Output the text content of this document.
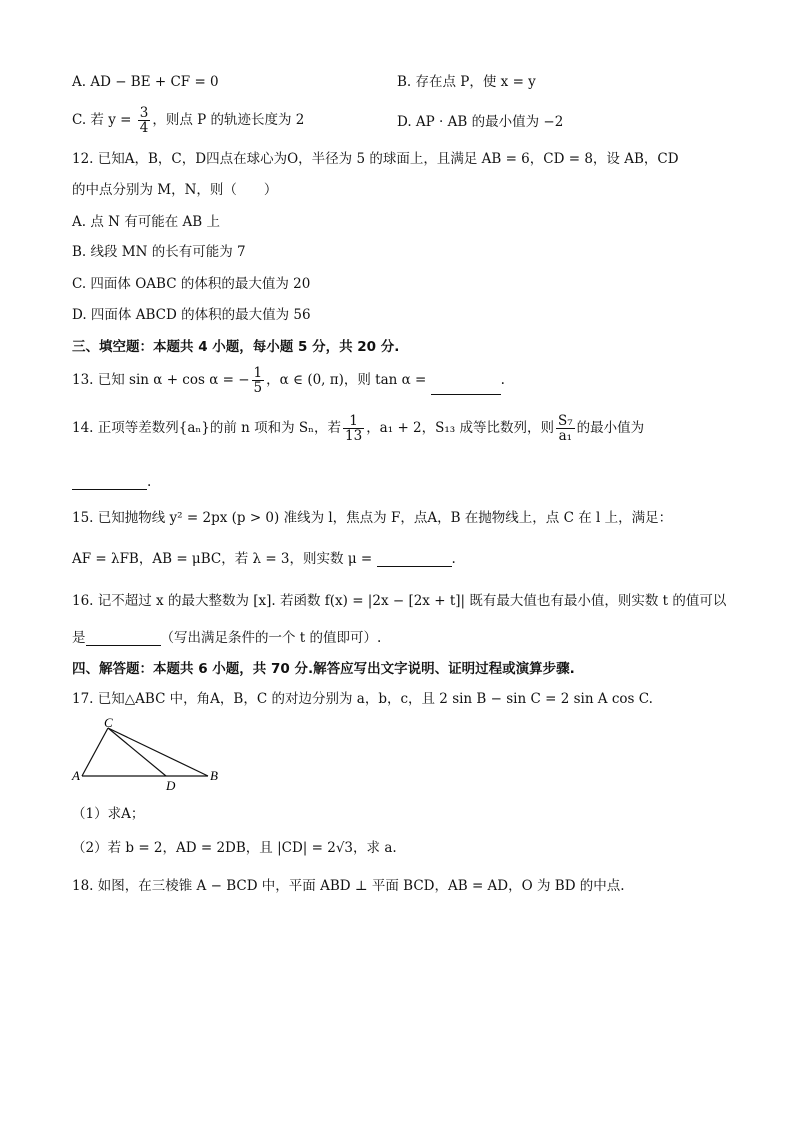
A. AD − BE + CF = 0	B. 存在点 P，使 x = y
C. 若 $y = \frac{3}{4}$ ，则点 P 的轨迹长度为 2	D. AP · AB 的最小值为 −2
12. 已知A，B，C，D四点在球心为O，半径为 5 的球面上，且满足 AB = 6，CD = 8，设 AB，CD
的中点分别为 M，N，则（　　）
A. 点 N 有可能在 AB 上
B. 线段 MN 的长有可能为 7
C. 四面体 OABC 的体积的最大值为 20
D. 四面体 ABCD 的体积的最大值为 56
三、填空题：本题共 4 小题，每小题 5 分，共 20 分.
13. 已知 sin α + cos α = − $\frac{1}{5}$ ，α ∈ (0, π)，则 tan α =	.
14. 正项等差数列{aₙ}的前 n 项和为 Sₙ，若 $\frac{1}{13}$ ，a₁ + 2，S₁₃ 成等比数列，则 $\frac{\text{S₇}}{\text{a₁}}$ 的最小值为
.
15. 已知抛物线 y² = 2px (p > 0) 准线为 l，焦点为 F，点A，B 在抛物线上，点 C 在 l 上，满足：
AF = λFB，AB = μBC，若 λ = 3，则实数 μ =	.
16. 记不超过 x 的最大整数为 [x]. 若函数 f(x) = |2x − [2x + t]| 既有最大值也有最小值，则实数 t 的值可以
是	（写出满足条件的一个 t 的值即可）.
四、解答题：本题共 6 小题，共 70 分.解答应写出文字说明、证明过程或演算步骤.
17. 已知△ABC 中，角A，B，C 的对边分别为 a，b，c，且 2 sin B − sin C = 2 sin A cos C.
C
A
D
B
（1）求A；
（2）若 b = 2，AD = 2DB，且 |CD| = 2√3，求 a.
18. 如图，在三棱锥 A − BCD 中，平面 ABD ⊥ 平面 BCD，AB = AD，O 为 BD 的中点.
